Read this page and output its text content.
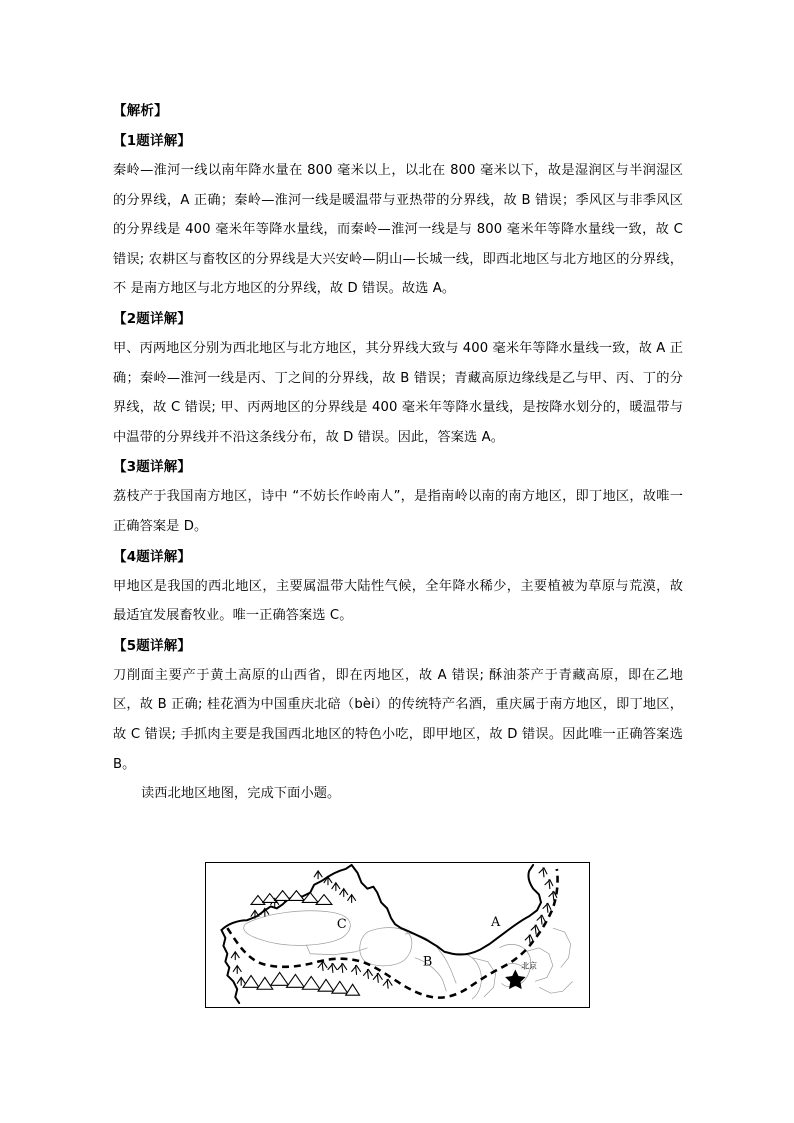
【解析】
【1题详解】

秦岭—淮河一线以南年降水量在 800 毫米以上，以北在 800 毫米以下，故是湿润区与半润湿区的分界线，A 正确；秦岭—淮河一线是暖温带与亚热带的分界线，故 B 错误；季风区与非季风区的分界线是 400 毫米年等降水量线，而秦岭—淮河一线是与 800 毫米年等降水量线一致，故 C 错误; 农耕区与畜牧区的分界线是大兴安岭—阴山—长城一线，即西北地区与北方地区的分界线，不 是南方地区与北方地区的分界线，故 D 错误。故选 A。

【2题详解】

甲、丙两地区分别为西北地区与北方地区，其分界线大致与 400 毫米年等降水量线一致，故 A 正确；秦岭—淮河一线是丙、丁之间的分界线，故 B 错误；青藏高原边缘线是乙与甲、丙、丁的分界线，故 C 错误; 甲、丙两地区的分界线是 400 毫米年等降水量线，是按降水划分的，暖温带与中温带的分界线并不沿这条线分布，故 D 错误。因此，答案选 A。

【3题详解】

荔枝产于我国南方地区，诗中 “不妨长作岭南人”，是指南岭以南的南方地区，即丁地区，故唯一正确答案是 D。

【4题详解】

甲地区是我国的西北地区，主要属温带大陆性气候，全年降水稀少，主要植被为草原与荒漠，故最适宜发展畜牧业。唯一正确答案选 C。

【5题详解】

刀削面主要产于黄土高原的山西省，即在丙地区，故 A 错误; 酥油茶产于青藏高原，即在乙地区，故 B 正确; 桂花酒为中国重庆北碚（bèi）的传统特产名酒，重庆属于南方地区，即丁地区，故 C 错误; 手抓肉主要是我国西北地区的特色小吃，即甲地区，故 D 错误。因此唯一正确答案选 B。

读西北地区地图，完成下面小题。

A
B
C
北京
